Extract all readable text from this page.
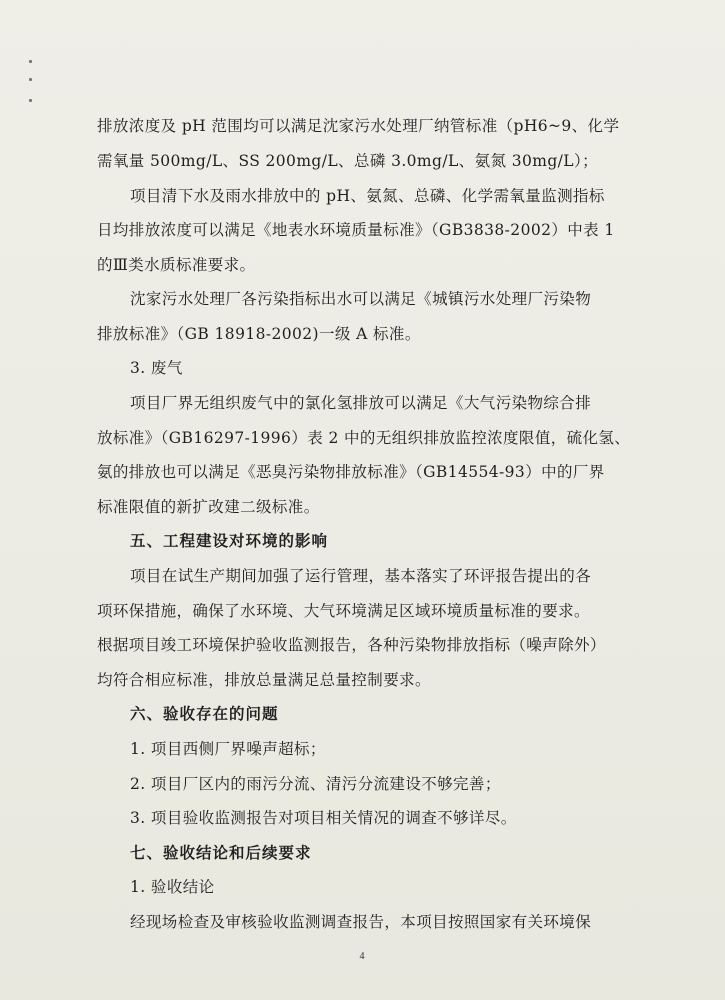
排放浓度及 pH 范围均可以满足沈家污水处理厂纳管标准（pH6~9、化学
需氧量 500mg/L、SS 200mg/L、总磷 3.0mg/L、氨氮 30mg/L）；
项目清下水及雨水排放中的 pH、氨氮、总磷、化学需氧量监测指标
日均排放浓度可以满足《地表水环境质量标准》（GB3838-2002）中表 1
的Ⅲ类水质标准要求。
沈家污水处理厂各污染指标出水可以满足《城镇污水处理厂污染物
排放标准》（GB 18918-2002)一级 A 标准。
3. 废气
项目厂界无组织废气中的氯化氢排放可以满足《大气污染物综合排
放标准》（GB16297-1996）表 2 中的无组织排放监控浓度限值，硫化氢、
氨的排放也可以满足《恶臭污染物排放标准》（GB14554-93）中的厂界
标准限值的新扩改建二级标准。
五、工程建设对环境的影响
项目在试生产期间加强了运行管理，基本落实了环评报告提出的各
项环保措施，确保了水环境、大气环境满足区域环境质量标准的要求。
根据项目竣工环境保护验收监测报告，各种污染物排放指标（噪声除外）
均符合相应标准，排放总量满足总量控制要求。
六、验收存在的问题
1. 项目西侧厂界噪声超标；
2. 项目厂区内的雨污分流、清污分流建设不够完善；
3. 项目验收监测报告对项目相关情况的调查不够详尽。
七、验收结论和后续要求
1. 验收结论
经现场检查及审核验收监测调查报告，本项目按照国家有关环境保
4
